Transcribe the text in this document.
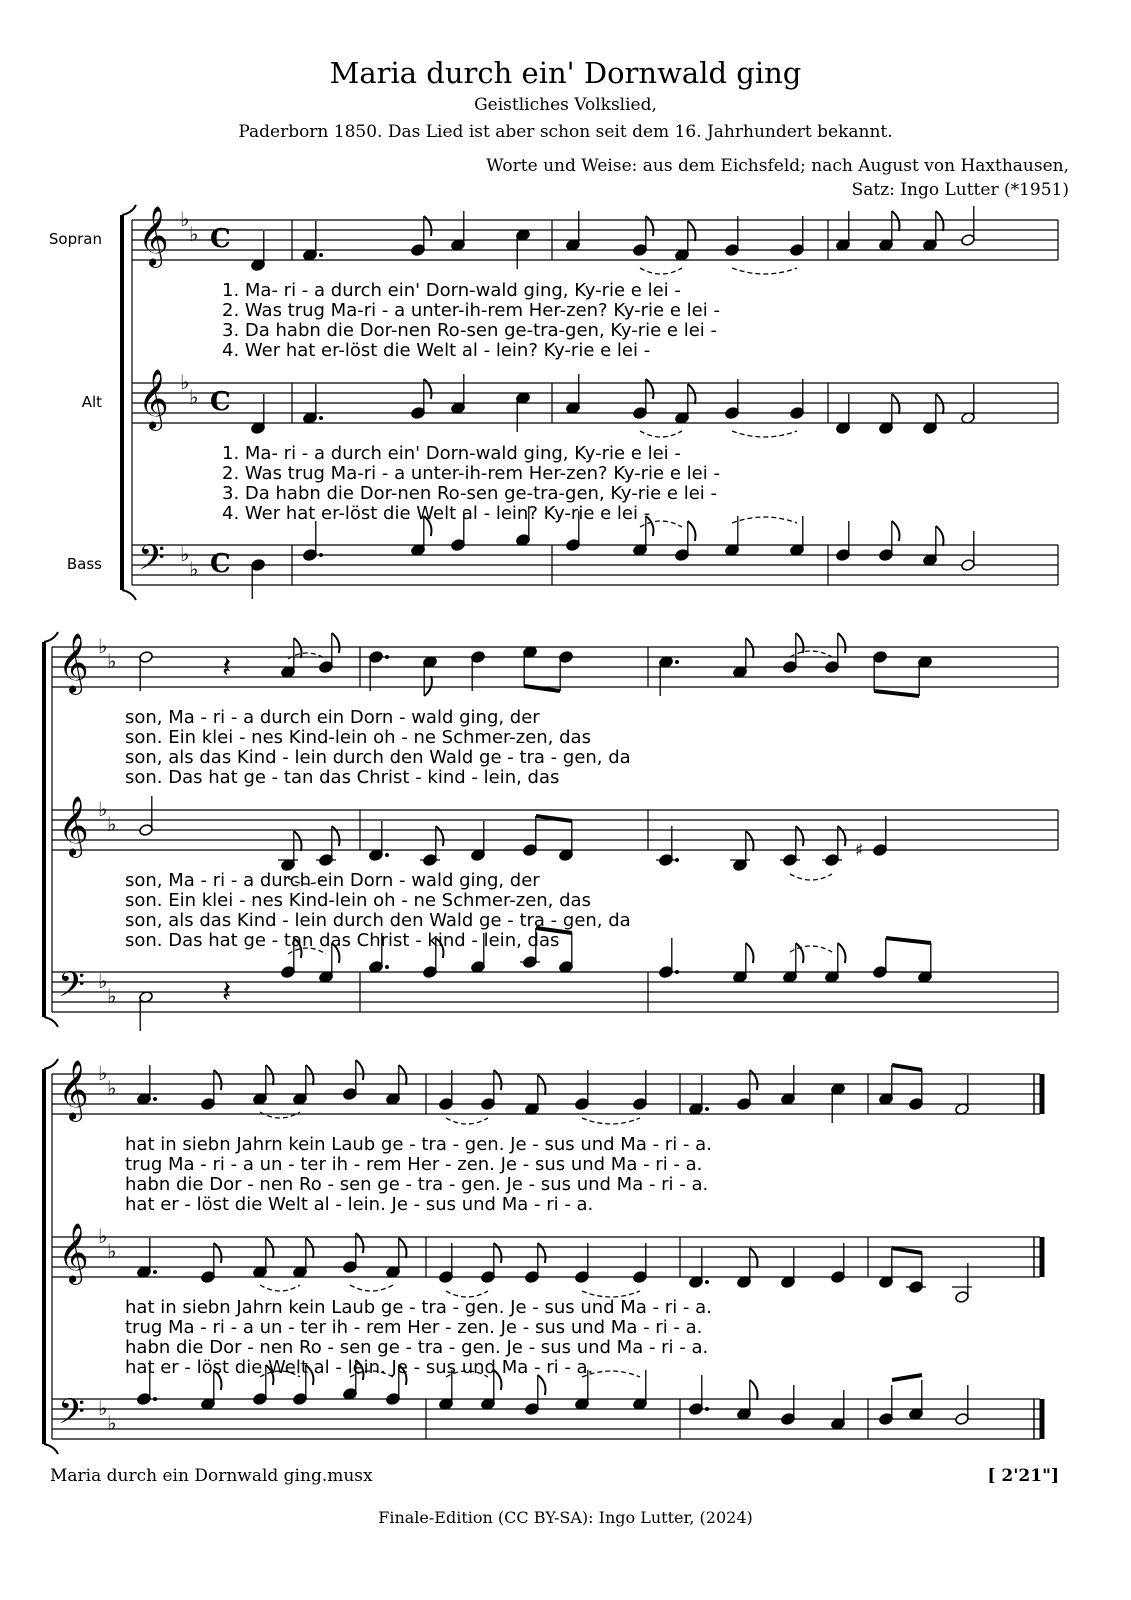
Maria durch ein' Dornwald ging
Geistliches Volkslied,
Paderborn 1850. Das Lied ist aber schon seit dem 16. Jahrhundert bekannt.
Worte und Weise: aus dem Eichsfeld; nach August von Haxthausen,
Satz: Ingo Lutter (*1951)
Sopran
Alt
Bass
𝄞
𝄞
𝄢
♭
♭
♭
♭
♭
♭
C
C
C
𝄞
𝄞
𝄢
♭
♭
♭
♭
♭
♭
𝄽
♯
𝄽
𝄞
𝄞
𝄢
♭
♭
♭
♭
♭
♭
1. Ma- ri - a durch ein' Dorn-wald ging, Ky-rie e lei -
2. Was trug Ma-ri - a unter-ih-rem Her-zen? Ky-rie e lei -
3. Da habn die Dor-nen Ro-sen ge-tra-gen, Ky-rie e lei -
4. Wer hat er-löst die Welt al - lein? Ky-rie e lei -
1. Ma- ri - a durch ein' Dorn-wald ging, Ky-rie e lei -
2. Was trug Ma-ri - a unter-ih-rem Her-zen? Ky-rie e lei -
3. Da habn die Dor-nen Ro-sen ge-tra-gen, Ky-rie e lei -
4. Wer hat er-löst die Welt al - lein? Ky-rie e lei -
son, Ma - ri - a durch ein Dorn - wald ging, der
son. Ein klei - nes Kind-lein oh - ne Schmer-zen, das
son, als das Kind - lein durch den Wald ge - tra - gen, da
son. Das hat ge - tan das Christ - kind - lein, das
son, Ma - ri - a durch ein Dorn - wald ging, der
son. Ein klei - nes Kind-lein oh - ne Schmer-zen, das
son, als das Kind - lein durch den Wald ge - tra - gen, da
son. Das hat ge - tan das Christ - kind - lein, das
hat in siebn Jahrn kein Laub ge - tra - gen. Je - sus und Ma - ri - a.
trug Ma - ri - a un - ter ih - rem Her - zen. Je - sus und Ma - ri - a.
habn die Dor - nen Ro - sen ge - tra - gen. Je - sus und Ma - ri - a.
hat er - löst die Welt al - lein. Je - sus und Ma - ri - a.
hat in siebn Jahrn kein Laub ge - tra - gen. Je - sus und Ma - ri - a.
trug Ma - ri - a un - ter ih - rem Her - zen. Je - sus und Ma - ri - a.
habn die Dor - nen Ro - sen ge - tra - gen. Je - sus und Ma - ri - a.
hat er - löst die Welt al - lein. Je - sus und Ma - ri - a.
Maria durch ein Dornwald ging.musx	[ 2'21"]
Finale-Edition (CC BY-SA): Ingo Lutter, (2024)
